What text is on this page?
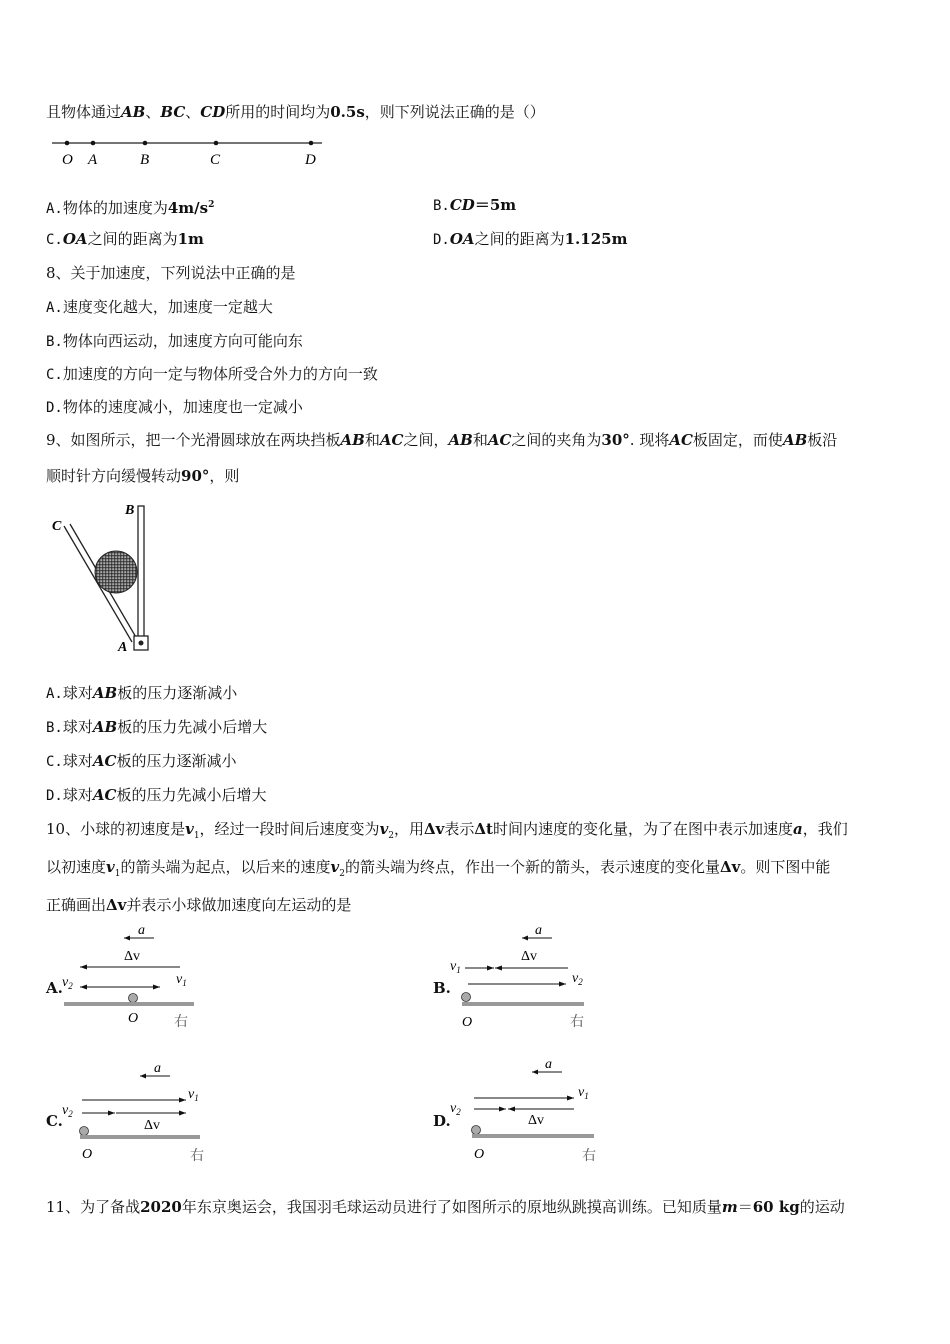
且物体通过AB、BC、CD所用的时间均为0.5s，则下列说法正确的是（）
O A	B	C	D
A.物体的加速度为$4m/s^2$	B.CD＝5m
C.OA之间的距离为1m	D.OA之间的距离为1.125m
8、关于加速度，下列说法中正确的是
A.速度变化越大，加速度一定越大
B.物体向西运动，加速度方向可能向东
C.加速度的方向一定与物体所受合外力的方向一致
D.物体的速度减小，加速度也一定减小
9、如图所示，把一个光滑圆球放在两块挡板AB和AC之间，AB和AC之间的夹角为30°. 现将AC板固定，而使AB板沿
顺时针方向缓慢转动90°，则
C
B
A
A.球对AB板的压力逐渐减小
B.球对AB板的压力先减小后增大
C.球对AC板的压力逐渐减小
D.球对AC板的压力先减小后增大
10、小球的初速度是$v_1$，经过一段时间后速度变为$v_2$，用Δv表示Δt时间内速度的变化量，为了在图中表示加速度a，我们
以初速度$v_1$的箭头端为起点，以后来的速度$v_2$的箭头端为终点，作出一个新的箭头，表示速度的变化量Δv。则下图中能
正确画出Δv并表示小球做加速度向左运动的是
A.
a
Δv
$v_2$	$v_1$
O	右
B.
a
Δv
$v_1$
$v_2$
O	右
C.
a
$v_1$
$v_2$
Δv
O	右
D.
a
$v_1$
$v_2$
Δv
O	右
11、为了备战2020年东京奥运会，我国羽毛球运动员进行了如图所示的原地纵跳摸高训练。已知质量m＝60 kg的运动
